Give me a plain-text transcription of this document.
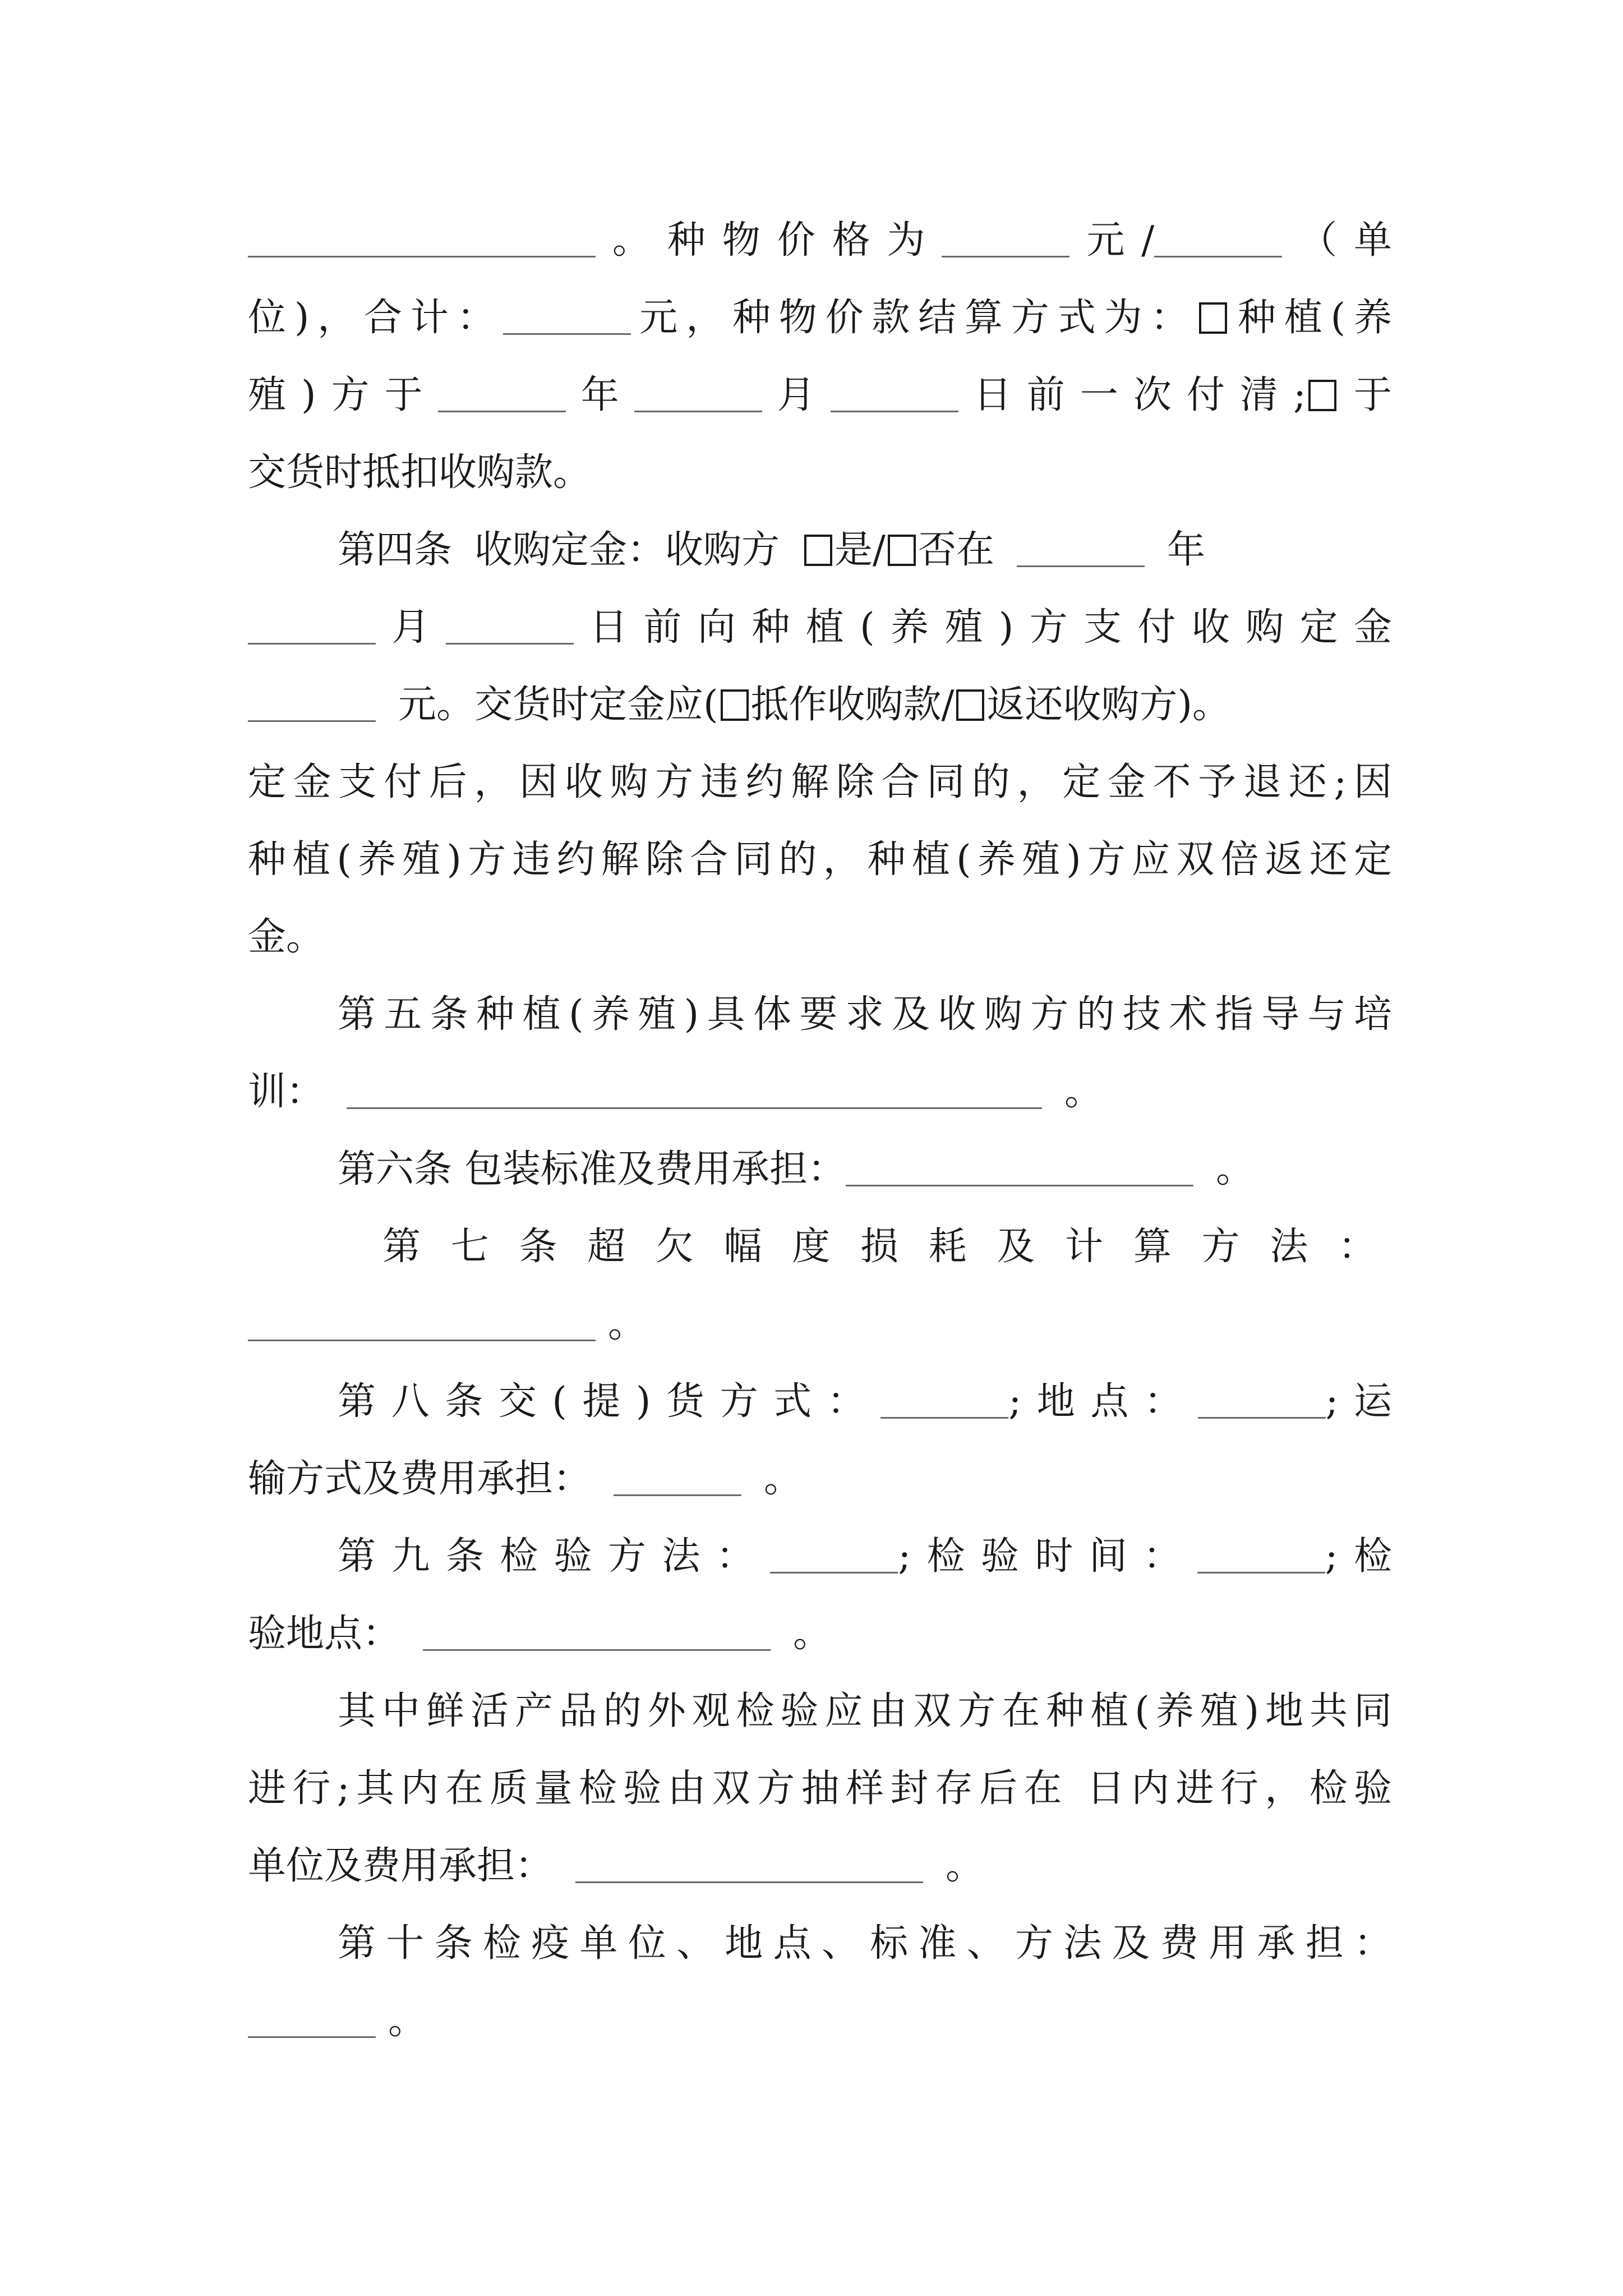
。种物价格为	元/	（单
位)，合计：	元，种物价款结算方式为： 种植(养
殖)方于	年	月	日前一次付清; 于
交货时抵扣收购款。
第四条 收购定金：收购方 是/ 否在	年
月	日前向种植(养殖)方支付收购定金
元。交货时定金应( 抵作收购款/ 返还收购方)。
定金支付后，因收购方违约解除合同的，定金不予退还;因
种植(养殖)方违约解除合同的，种植(养殖)方应双倍返还定
金。
第五条种植(养殖)具体要求及收购方的技术指导与培
训：	。
第六条 包装标准及费用承担：	。
第七条超欠幅度损耗及计算方法：
。
第八条交(提)货方式：	;地点：	;运
输方式及费用承担：	。
第九条检验方法：	;检验时间：	;检
验地点：	。
其中鲜活产品的外观检验应由双方在种植(养殖)地共同
进行;其内在质量检验由双方抽样封存后在 日内进行，检验
单位及费用承担：	。
第十条检疫单位、地点、标准、方法及费用承担：
。
